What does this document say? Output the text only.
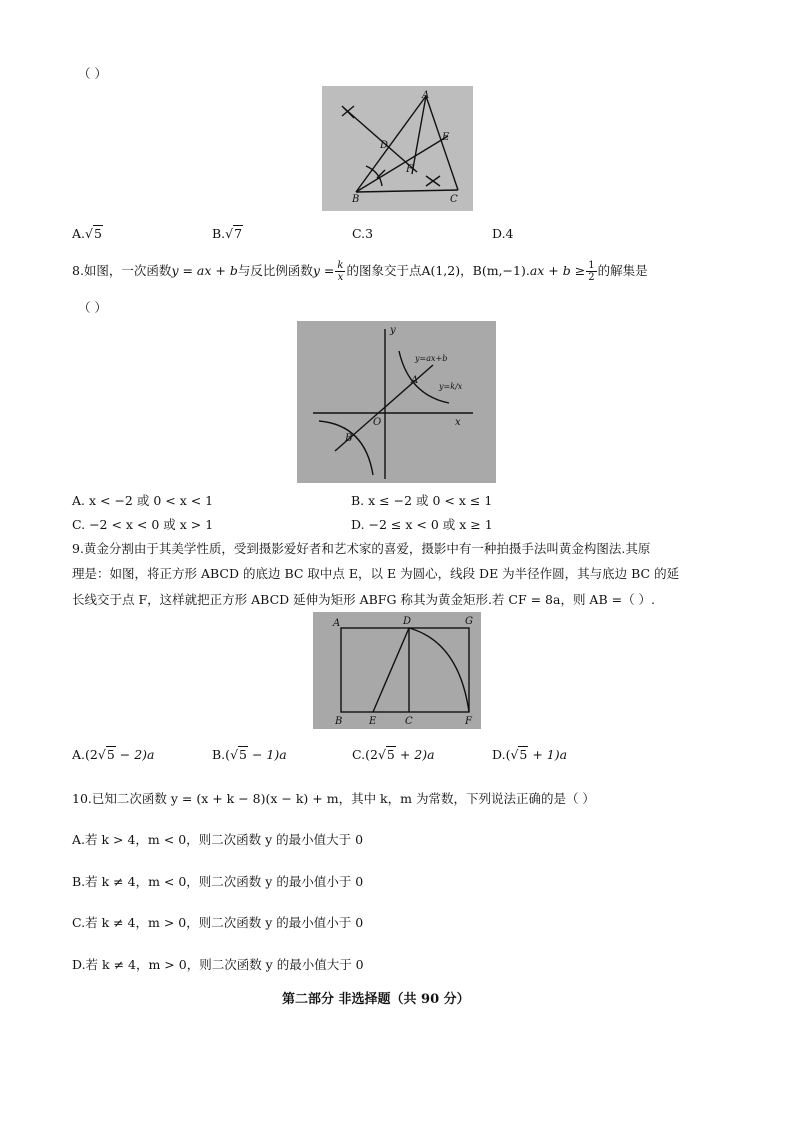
（ ）
A
D
E
F
B	C
A.√5	B.√7	C.3	D.4
8.如图，一次函数y = ax + b与反比例函数$y = \frac{k}{x}$ 的图象交于点A(1,2)，$B(m,-1).ax + b \ge \frac{1}{2}$ 的解集是
（ ）
y
y=ax+b
y=k/x
A
O	x
B
A. x < −2 或 0 < x < 1	B. x ≤ −2 或 0 < x ≤ 1
C. −2 < x < 0 或 x > 1	D. −2 ≤ x < 0 或 x ≥ 1
9.黄金分割由于其美学性质，受到摄影爱好者和艺术家的喜爱，摄影中有一种拍摄手法叫黄金构图法.其原
理是：如图，将正方形 ABCD 的底边 BC 取中点 E，以 E 为圆心，线段 DE 为半径作圆，其与底边 BC 的延
长线交于点 F，这样就把正方形 ABCD 延伸为矩形 ABFG 称其为黄金矩形.若 CF = 8a，则 AB =（ ）.
A	D	G
B	E	C	F
A.(2√5 − 2)a	B.(√5 − 1)a	C.(2√5 + 2)a	D.(√5 + 1)a
10.已知二次函数 y = (x + k − 8)(x − k) + m，其中 k，m 为常数，下列说法正确的是（ ）
A.若 k > 4，m < 0，则二次函数 y 的最小值大于 0
B.若 k ≠ 4，m < 0，则二次函数 y 的最小值小于 0
C.若 k ≠ 4，m > 0，则二次函数 y 的最小值小于 0
D.若 k ≠ 4，m > 0，则二次函数 y 的最小值大于 0
第二部分 非选择题（共 90 分）
